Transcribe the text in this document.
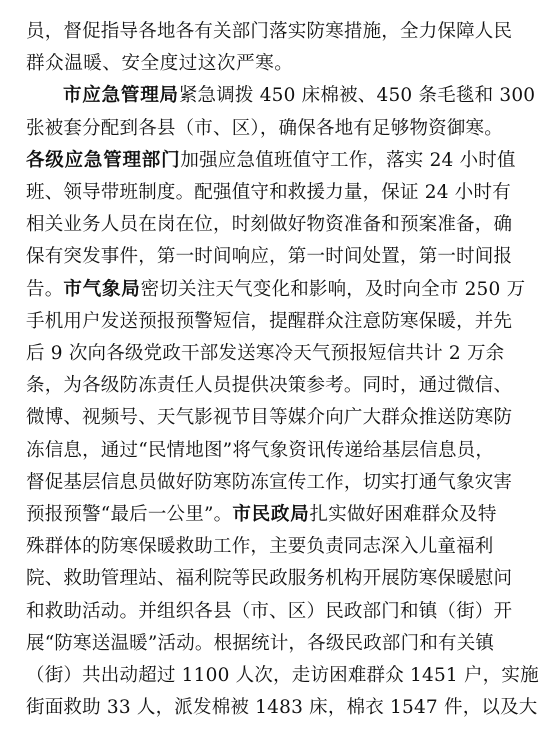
员，督促指导各地各有关部门落实防寒措施，全力保障人民
群众温暖、安全度过这次严寒。
市应急管理局紧急调拨 450 床棉被、450 条毛毯和 300
张被套分配到各县（市、区），确保各地有足够物资御寒。
各级应急管理部门加强应急值班值守工作，落实 24 小时值
班、领导带班制度。配强值守和救援力量，保证 24 小时有
相关业务人员在岗在位，时刻做好物资准备和预案准备，确
保有突发事件，第一时间响应，第一时间处置，第一时间报
告。市气象局密切关注天气变化和影响，及时向全市 250 万
手机用户发送预报预警短信，提醒群众注意防寒保暖，并先
后 9 次向各级党政干部发送寒冷天气预报短信共计 2 万余
条，为各级防冻责任人员提供决策参考。同时，通过微信、
微博、视频号、天气影视节目等媒介向广大群众推送防寒防
冻信息，通过“民情地图”将气象资讯传递给基层信息员，
督促基层信息员做好防寒防冻宣传工作，切实打通气象灾害
预报预警“最后一公里”。市民政局扎实做好困难群众及特
殊群体的防寒保暖救助工作，主要负责同志深入儿童福利
院、救助管理站、福利院等民政服务机构开展防寒保暖慰问
和救助活动。并组织各县（市、区）民政部门和镇（街）开
展“防寒送温暖”活动。根据统计，各级民政部门和有关镇
（街）共出动超过 1100 人次，走访困难群众 1451 户，实施
街面救助 33 人，派发棉被 1483 床，棉衣 1547 件，以及大
